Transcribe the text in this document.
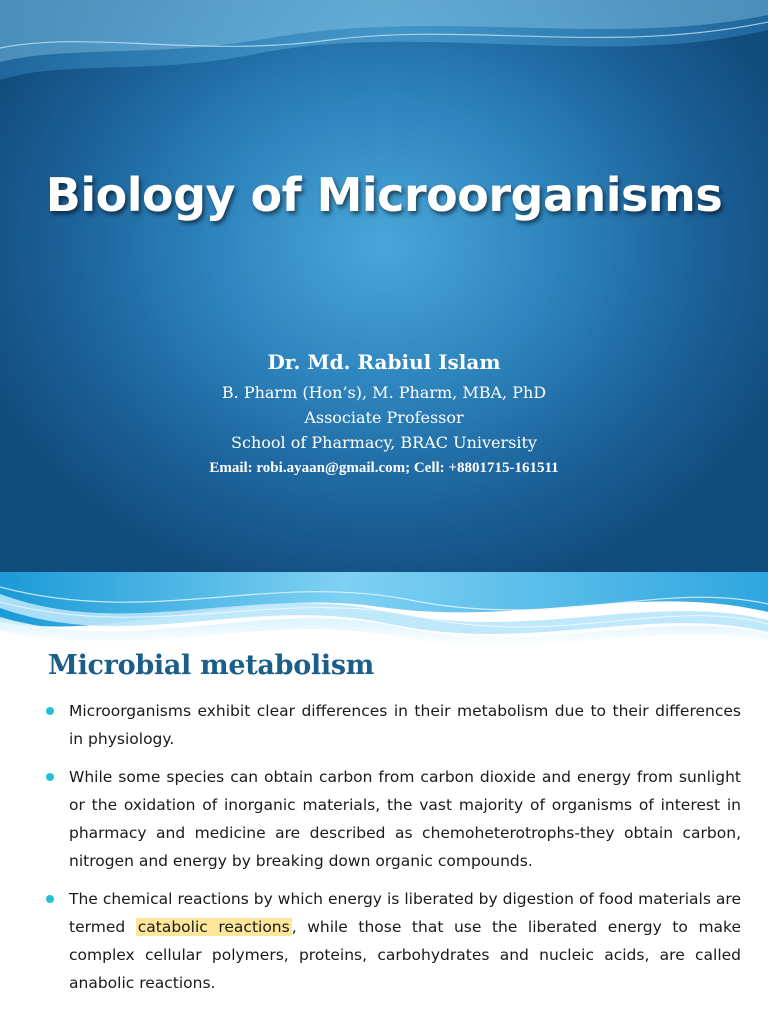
Biology of Microorganisms
Dr. Md. Rabiul Islam
B. Pharm (Hon’s), M. Pharm, MBA, PhD
Associate Professor
School of Pharmacy, BRAC University
Email: robi.ayaan@gmail.com; Cell: +8801715-161511
Microbial metabolism
Microorganisms exhibit clear differences in their metabolism due to their differences in physiology.
While some species can obtain carbon from carbon dioxide and energy from sunlight or the oxidation of inorganic materials, the vast majority of organisms of interest in pharmacy and medicine are described as chemoheterotrophs-they obtain carbon, nitrogen and energy by breaking down organic compounds.
The chemical reactions by which energy is liberated by digestion of food materials are termed catabolic reactions , while those that use the liberated energy to make complex cellular polymers, proteins, carbohydrates and nucleic acids, are called anabolic reactions.
